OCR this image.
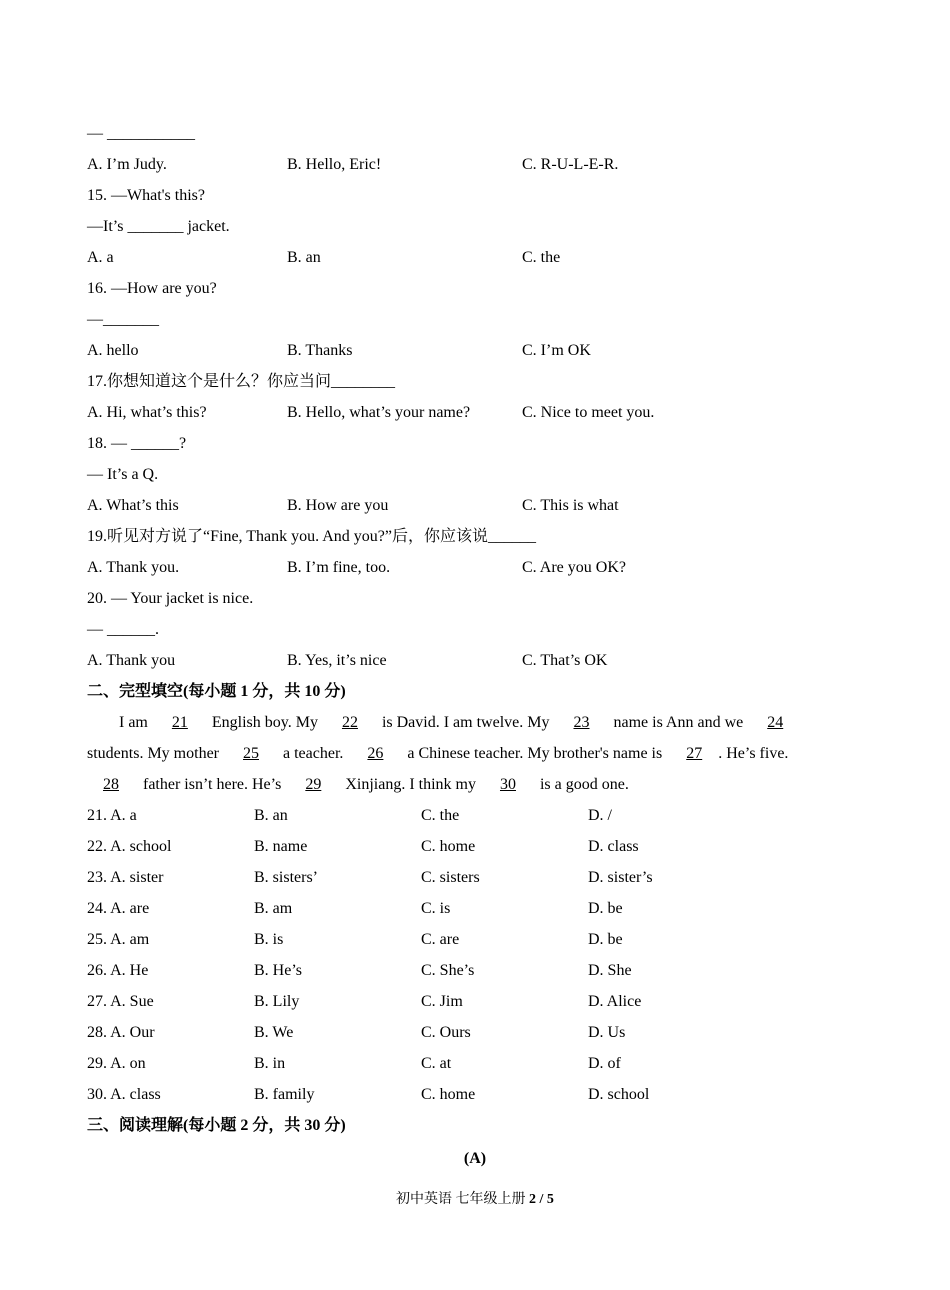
— ___________
A. I’m Judy.	B. Hello, Eric!	C. R-U-L-E-R.
15. —What's this?
—It’s _______ jacket.
A. a	B. an	C. the
16. —How are you?
—_______
A. hello	B. Thanks	C. I’m OK
17.你想知道这个是什么？你应当问________
A. Hi, what’s this?	B. Hello, what’s your name?	C. Nice to meet you.
18. — ______?
— It’s a Q.
A. What’s this	B. How are you	C. This is what
19.听见对方说了“Fine, Thank you. And you?”后，你应该说______
A. Thank you.	B. I’m fine, too.	C. Are you OK?
20. — Your jacket is nice.
— ______.
A. Thank you	B. Yes, it’s nice	C. That’s OK
二、完型填空(每小题 1 分，共 10 分)
I am 21 English boy. My 22 is David. I am twelve. My 23 name is Ann and we 24
students. My mother 25 a teacher. 26 a Chinese teacher. My brother's name is 27 . He’s five.
28 father isn’t here. He’s 29 Xinjiang. I think my 30 is a good one.
21. A. a	B. an	C. the	D. /
22. A. school	B. name	C. home	D. class
23. A. sister	B. sisters’	C. sisters	D. sister’s
24. A. are	B. am	C. is	D. be
25. A. am	B. is	C. are	D. be
26. A. He	B. He’s	C. She’s	D. She
27. A. Sue	B. Lily	C. Jim	D. Alice
28. A. Our	B. We	C. Ours	D. Us
29. A. on	B. in	C. at	D. of
30. A. class	B. family	C. home	D. school
三、阅读理解(每小题 2 分，共 30 分)
(A)
初中英语 七年级上册 2 / 5
